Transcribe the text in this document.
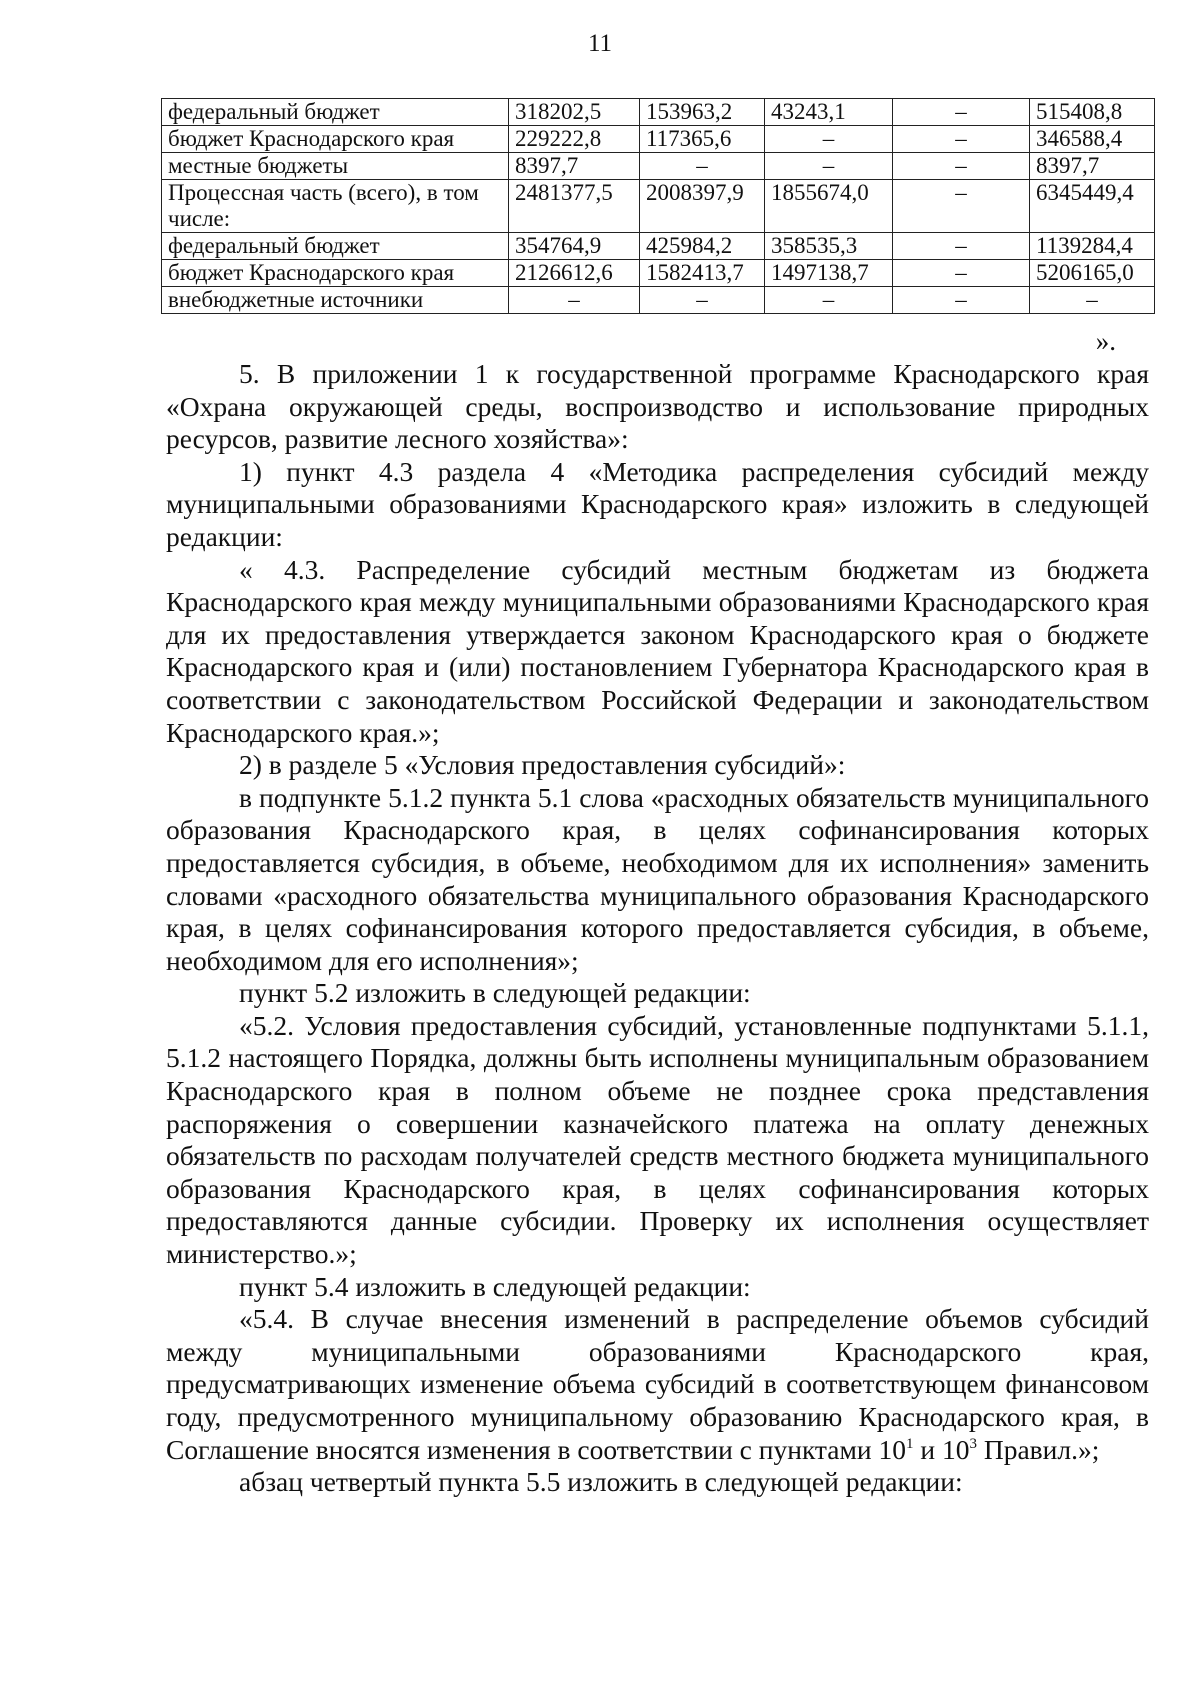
11
федеральный бюджет	318202,5	153963,2	43243,1	–	515408,8
бюджет Краснодарского края	229222,8	117365,6	–	–	346588,4
местные бюджеты	8397,7	–	–	–	8397,7
Процессная часть (всего), в том числе:	2481377,5	2008397,9	1855674,0	–	6345449,4
федеральный бюджет	354764,9	425984,2	358535,3	–	1139284,4
бюджет Краснодарского края	2126612,6	1582413,7	1497138,7	–	5206165,0
внебюджетные источники	–	–	–	–	–
».

5. В приложении 1 к государственной программе Краснодарского края «Охрана окружающей среды, воспроизводство и использование природных ресурсов, развитие лесного хозяйства»:

1) пункт 4.3 раздела 4 «Методика распределения субсидий между муниципальными образованиями Краснодарского края» изложить в следующей редакции:

« 4.3. Распределение субсидий местным бюджетам из бюджета Краснодарского края между муниципальными образованиями Краснодарского края для их предоставления утверждается законом Краснодарского края о бюджете Краснодарского края и (или) постановлением Губернатора Краснодарского края в соответствии с законодательством Российской Федерации и законодательством Краснодарского края.»;

2) в разделе 5 «Условия предоставления субсидий»:

в подпункте 5.1.2 пункта 5.1 слова «расходных обязательств муниципального образования Краснодарского края, в целях софинансирования которых предоставляется субсидия, в объеме, необходимом для их исполнения» заменить словами «расходного обязательства муниципального образования Краснодарского края, в целях софинансирования которого предоставляется субсидия, в объеме, необходимом для его исполнения»;

пункт 5.2 изложить в следующей редакции:

«5.2. Условия предоставления субсидий, установленные подпунктами 5.1.1, 5.1.2 настоящего Порядка, должны быть исполнены муниципальным образованием Краснодарского края в полном объеме не позднее срока представления распоряжения о совершении казначейского платежа на оплату денежных обязательств по расходам получателей средств местного бюджета муниципального образования Краснодарского края, в целях софинансирования которых предоставляются данные субсидии. Проверку их исполнения осуществляет министерство.»;

пункт 5.4 изложить в следующей редакции:

«5.4. В случае внесения изменений в распределение объемов субсидий между муниципальными образованиями Краснодарского края, предусматривающих изменение объема субсидий в соответствующем финансовом году, предусмотренного муниципальному образованию Краснодарского края, в Соглашение вносятся изменения в соответствии с пунктами $10^1$ и $10^3$ Правил.»;

абзац четвертый пункта 5.5 изложить в следующей редакции:
